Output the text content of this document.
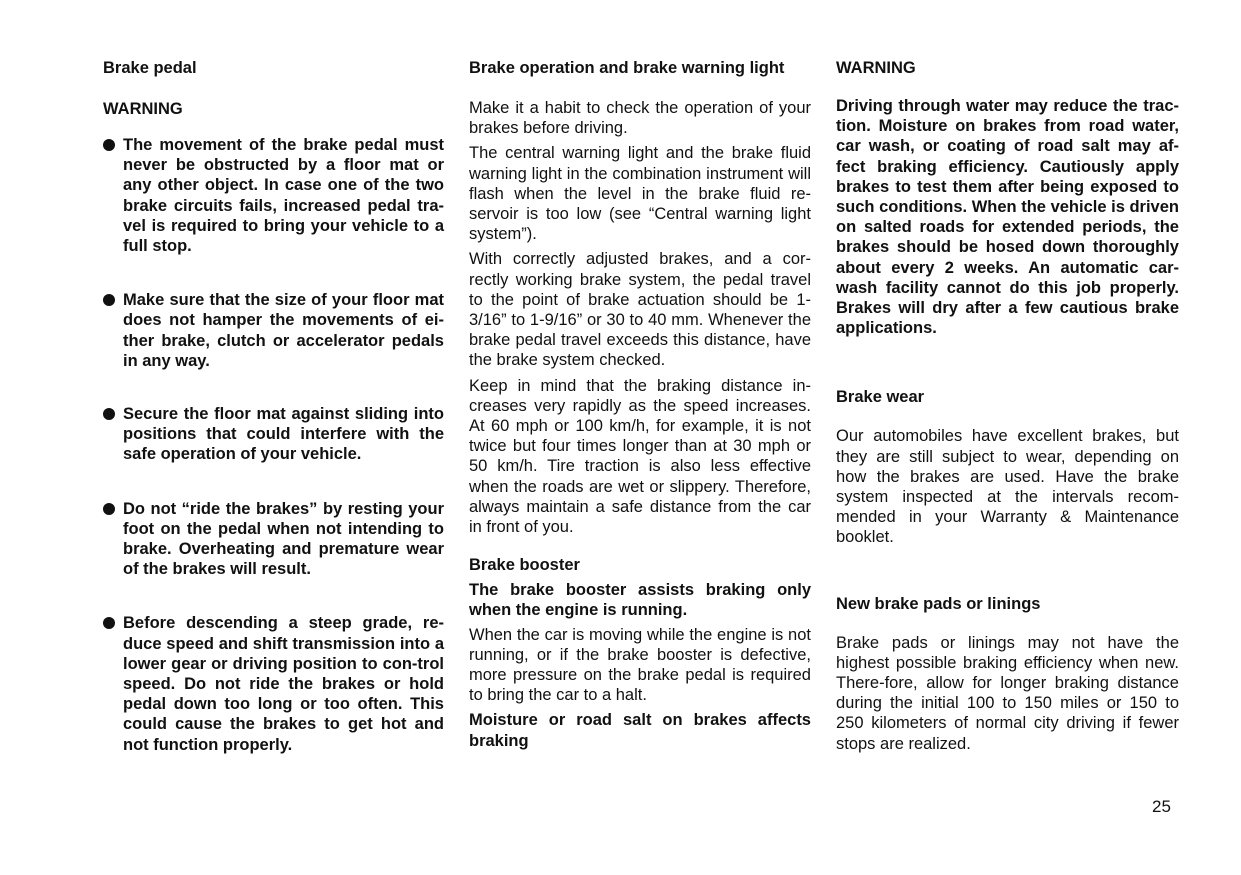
Brake pedal
WARNING

The movement of the brake pedal must never be obstructed by a floor mat or any other object. In case one of the two brake circuits fails, increased pedal tra-vel is required to bring your vehicle to a full stop.

Make sure that the size of your floor mat does not hamper the movements of ei-ther brake, clutch or accelerator pedals in any way.

Secure the floor mat against sliding into positions that could interfere with the safe operation of your vehicle.

Do not “ride the brakes” by resting your foot on the pedal when not intending to brake. Overheating and premature wear of the brakes will result.

Before descending a steep grade, re-duce speed and shift transmission into a lower gear or driving position to con-trol speed. Do not ride the brakes or hold pedal down too long or too often. This could cause the brakes to get hot and not function properly.

Brake operation and brake warning light

Make it a habit to check the operation of your brakes before driving.

The central warning light and the brake fluid warning light in the combination instrument will flash when the level in the brake fluid re-servoir is too low (see “Central warning light system”).

With correctly adjusted brakes, and a cor-rectly working brake system, the pedal travel to the point of brake actuation should be 1-3/16” to 1-9/16” or 30 to 40 mm. Whenever the brake pedal travel exceeds this distance, have the brake system checked.

Keep in mind that the braking distance in-creases very rapidly as the speed increases. At 60 mph or 100 km/h, for example, it is not twice but four times longer than at 30 mph or 50 km/h. Tire traction is also less effective when the roads are wet or slippery. Therefore, always maintain a safe distance from the car in front of you.

Brake booster

The brake booster assists braking only when the engine is running.

When the car is moving while the engine is not running, or if the brake booster is defective, more pressure on the brake pedal is required to bring the car to a halt.

Moisture or road salt on brakes affects braking

WARNING

Driving through water may reduce the trac-tion. Moisture on brakes from road water, car wash, or coating of road salt may af-fect braking efficiency. Cautiously apply brakes to test them after being exposed to such conditions. When the vehicle is driven on salted roads for extended periods, the brakes should be hosed down thoroughly about every 2 weeks. An automatic car-wash facility cannot do this job properly. Brakes will dry after a few cautious brake applications.

Brake wear

Our automobiles have excellent brakes, but they are still subject to wear, depending on how the brakes are used. Have the brake system inspected at the intervals recom-mended in your Warranty & Maintenance booklet.

New brake pads or linings

Brake pads or linings may not have the highest possible braking efficiency when new. There-fore, allow for longer braking distance during the initial 100 to 150 miles or 150 to 250 kilometers of normal city driving if fewer stops are realized.

25
